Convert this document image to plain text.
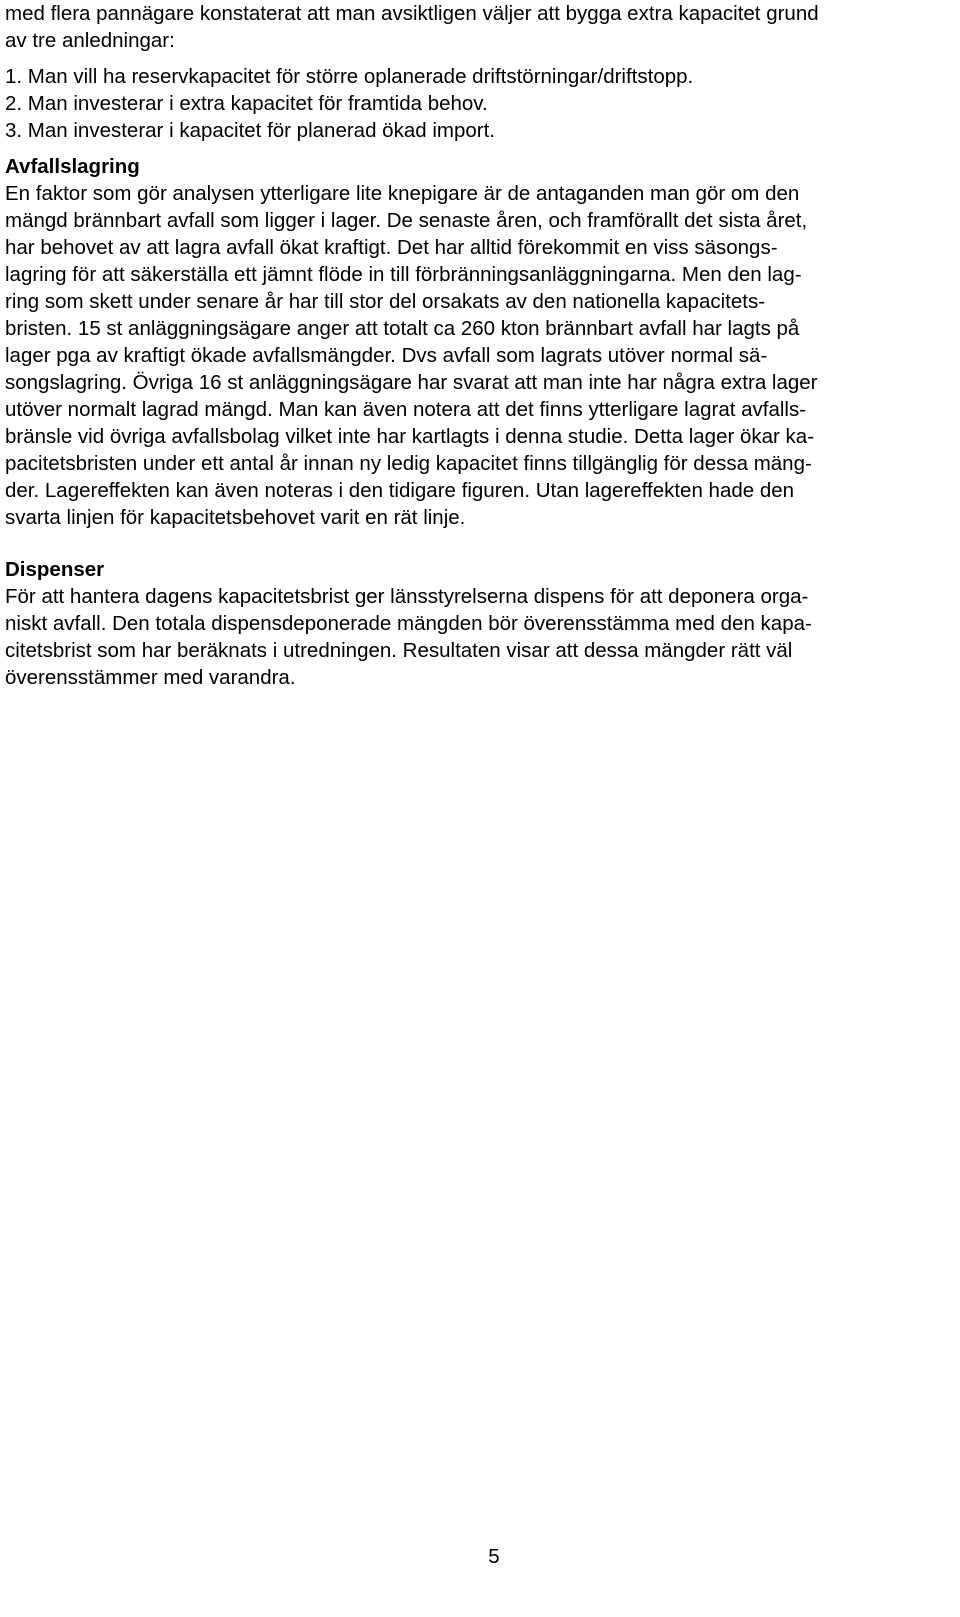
med flera pannägare konstaterat att man avsiktligen väljer att bygga extra kapacitet grund
av tre anledningar:
1. Man vill ha reservkapacitet för större oplanerade driftstörningar/driftstopp.
2. Man investerar i extra kapacitet för framtida behov.
3. Man investerar i kapacitet för planerad ökad import.
Avfallslagring
En faktor som gör analysen ytterligare lite knepigare är de antaganden man gör om den
mängd brännbart avfall som ligger i lager. De senaste åren, och framförallt det sista året,
har behovet av att lagra avfall ökat kraftigt. Det har alltid förekommit en viss säsongs-
lagring för att säkerställa ett jämnt flöde in till förbränningsanläggningarna. Men den lag-
ring som skett under senare år har till stor del orsakats av den nationella kapacitets-
bristen. 15 st anläggningsägare anger att totalt ca 260 kton brännbart avfall har lagts på
lager pga av kraftigt ökade avfallsmängder. Dvs avfall som lagrats utöver normal sä-
songslagring. Övriga 16 st anläggningsägare har svarat att man inte har några extra lager
utöver normalt lagrad mängd. Man kan även notera att det finns ytterligare lagrat avfalls-
bränsle vid övriga avfallsbolag vilket inte har kartlagts i denna studie. Detta lager ökar ka-
pacitetsbristen under ett antal år innan ny ledig kapacitet finns tillgänglig för dessa mäng-
der. Lagereffekten kan även noteras i den tidigare figuren. Utan lagereffekten hade den
svarta linjen för kapacitetsbehovet varit en rät linje.
Dispenser
För att hantera dagens kapacitetsbrist ger länsstyrelserna dispens för att deponera orga-
niskt avfall. Den totala dispensdeponerade mängden bör överensstämma med den kapa-
citetsbrist som har beräknats i utredningen. Resultaten visar att dessa mängder rätt väl
överensstämmer med varandra.
5
